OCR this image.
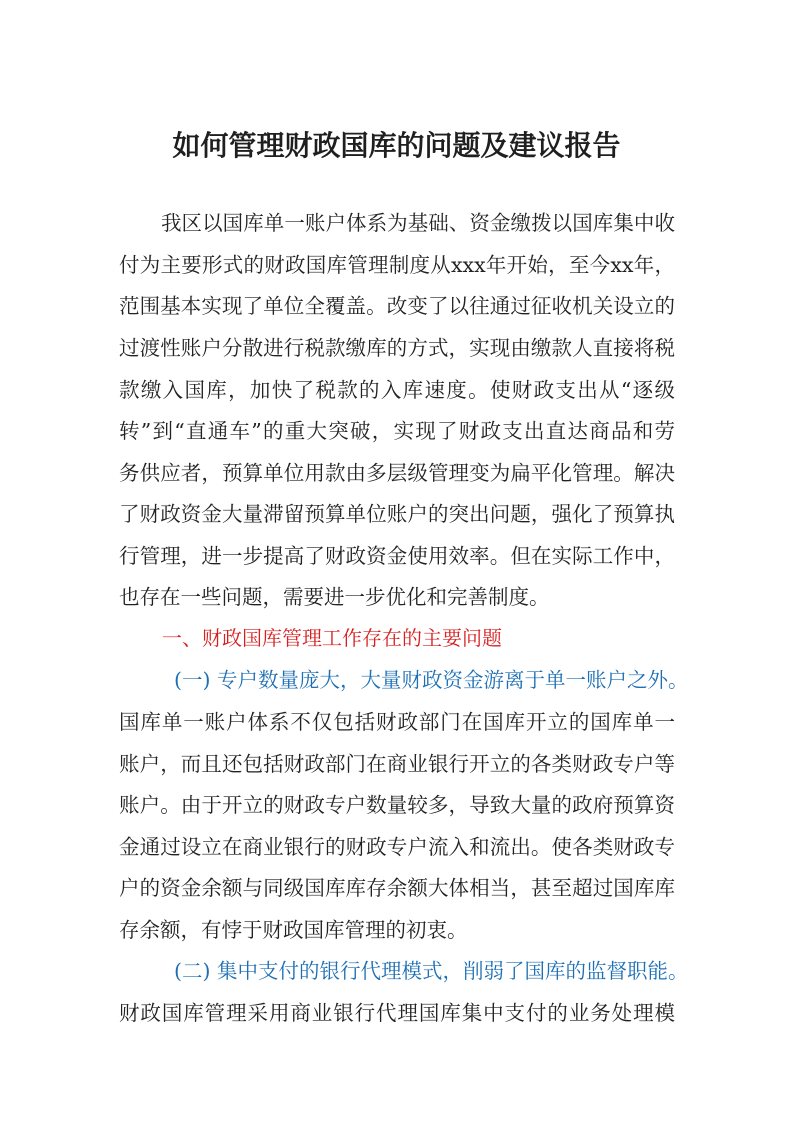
如何管理财政国库的问题及建议报告
我区以国库单一账户体系为基础、资金缴拨以国库集中收
付为主要形式的财政国库管理制度从xxx年开始，至今xx年，
范围基本实现了单位全覆盖。改变了以往通过征收机关设立的
过渡性账户分散进行税款缴库的方式，实现由缴款人直接将税
款缴入国库，加快了税款的入库速度。使财政支出从“逐级
转”到“直通车”的重大突破，实现了财政支出直达商品和劳
务供应者，预算单位用款由多层级管理变为扁平化管理。解决
了财政资金大量滞留预算单位账户的突出问题，强化了预算执
行管理，进一步提高了财政资金使用效率。但在实际工作中，
也存在一些问题，需要进一步优化和完善制度。
一、财政国库管理工作存在的主要问题
(一) 专户数量庞大，大量财政资金游离于单一账户之外。
国库单一账户体系不仅包括财政部门在国库开立的国库单一
账户，而且还包括财政部门在商业银行开立的各类财政专户等
账户。由于开立的财政专户数量较多，导致大量的政府预算资
金通过设立在商业银行的财政专户流入和流出。使各类财政专
户的资金余额与同级国库库存余额大体相当，甚至超过国库库
存余额，有悖于财政国库管理的初衷。
(二) 集中支付的银行代理模式，削弱了国库的监督职能。
财政国库管理采用商业银行代理国库集中支付的业务处理模
